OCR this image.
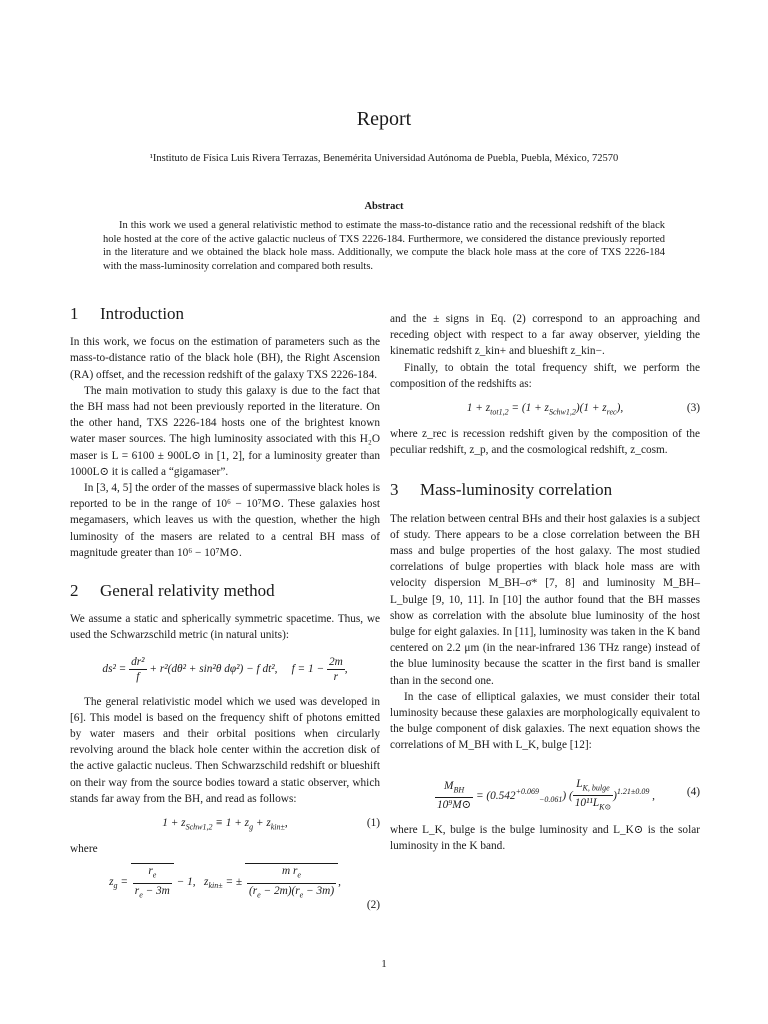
Report
¹Instituto de Física Luis Rivera Terrazas, Benemérita Universidad Autónoma de Puebla, Puebla, México, 72570
Abstract
In this work we used a general relativistic method to estimate the mass-to-distance ratio and the recessional redshift of the black hole hosted at the core of the active galactic nucleus of TXS 2226-184. Furthermore, we considered the distance previously reported in the literature and we obtained the black hole mass. Additionally, we compute the black hole mass at the core of TXS 2226-184 with the mass-luminosity correlation and compared both results.
1 Introduction

In this work, we focus on the estimation of parameters such as the mass-to-distance ratio of the black hole (BH), the Right Ascension (RA) offset, and the recession redshift of the galaxy TXS 2226-184.

The main motivation to study this galaxy is due to the fact that the BH mass had not been previously reported in the literature. On the other hand, TXS 2226-184 hosts one of the brightest known water maser sources. The high luminosity associated with this H₂O maser is L = 6100 ± 900L⊙ in [1, 2], for a luminosity greater than 1000L⊙ it is called a “gigamaser”.

In [3, 4, 5] the order of the masses of supermassive black holes is reported to be in the range of 10⁶ − 10⁷M⊙. These galaxies host megamasers, which leaves us with the question, whether the high luminosity of the masers are related to a central BH mass of magnitude greater than 10⁶ − 10⁷M⊙.

2 General relativity method

We assume a static and spherically symmetric spacetime. Thus, we used the Schwarzschild metric (in natural units):

$ds^2 = \frac{\text{dr²}}{f} + r^2(d\theta^2 + \sin^2\theta$ dφ²) − f dt²,     $f = 1 - \frac{2m}{r}$ ,

The general relativistic model which we used was developed in [6]. This model is based on the frequency shift of photons emitted by water masers and their orbital positions when circularly revolving around the black hole center within the accretion disk of the active galactic nucleus. Then Schwarzschild redshift or blueshift on their way from the source bodies toward a static observer, which stands far away from the BH, and read as follows:

$1 + z_{Schw1,2} \equiv 1 + z_g + z_{kin\pm}$,	(1)

where

$z_g = \frac{r_e}{r_e - 3m} - 1$,   $z_{kin\pm}$ = ± $\frac{m r_e}{(r_e - 2m)(r_e - 3m)}$ ,
(2)

and the ± signs in Eq. (2) correspond to an approaching and receding object with respect to a far away observer, yielding the kinematic redshift z_kin+ and blueshift z_kin−.

Finally, to obtain the total frequency shift, we perform the composition of the redshifts as:

$1 + z_{tot1,2} = (1 + z_{Schw1,2})(1 + z_{rec})$,	(3)

where z_rec is recession redshift given by the composition of the peculiar redshift, z_p, and the cosmological redshift, z_cosm.

3 Mass-luminosity correlation

The relation between central BHs and their host galaxies is a subject of study. There appears to be a close correlation between the BH mass and bulge properties of the host galaxy. The most studied correlations of bulge properties with black hole mass are with velocity dispersion M_BH–σ* [7, 8] and luminosity M_BH–L_bulge [9, 10, 11]. In [10] the author found that the BH masses show as correlation with the absolute blue luminosity of the host bulge for eight galaxies. In [11], luminosity was taken in the K band centered on 2.2 μm (in the near-infrared 136 THz range) instead of the blue luminosity because the scatter in the first band is smaller than in the second one.

In the case of elliptical galaxies, we must consider their total luminosity because these galaxies are morphologically equivalent to the bulge component of disk galaxies. The next equation shows the correlations of M_BH with L_K, bulge [12]:

$\frac{M_{BH}}{\text{10⁹M⊙}} = (0.542^{+0.069}_{-0.061})$ ( $\frac{L_{K, bulge}}{10^{11}L_{K⊙}} )^{1.21\pm 0.09}$ ,	(4)

where L_K, bulge is the bulge luminosity and L_K⊙ is the solar luminosity in the K band.

1
